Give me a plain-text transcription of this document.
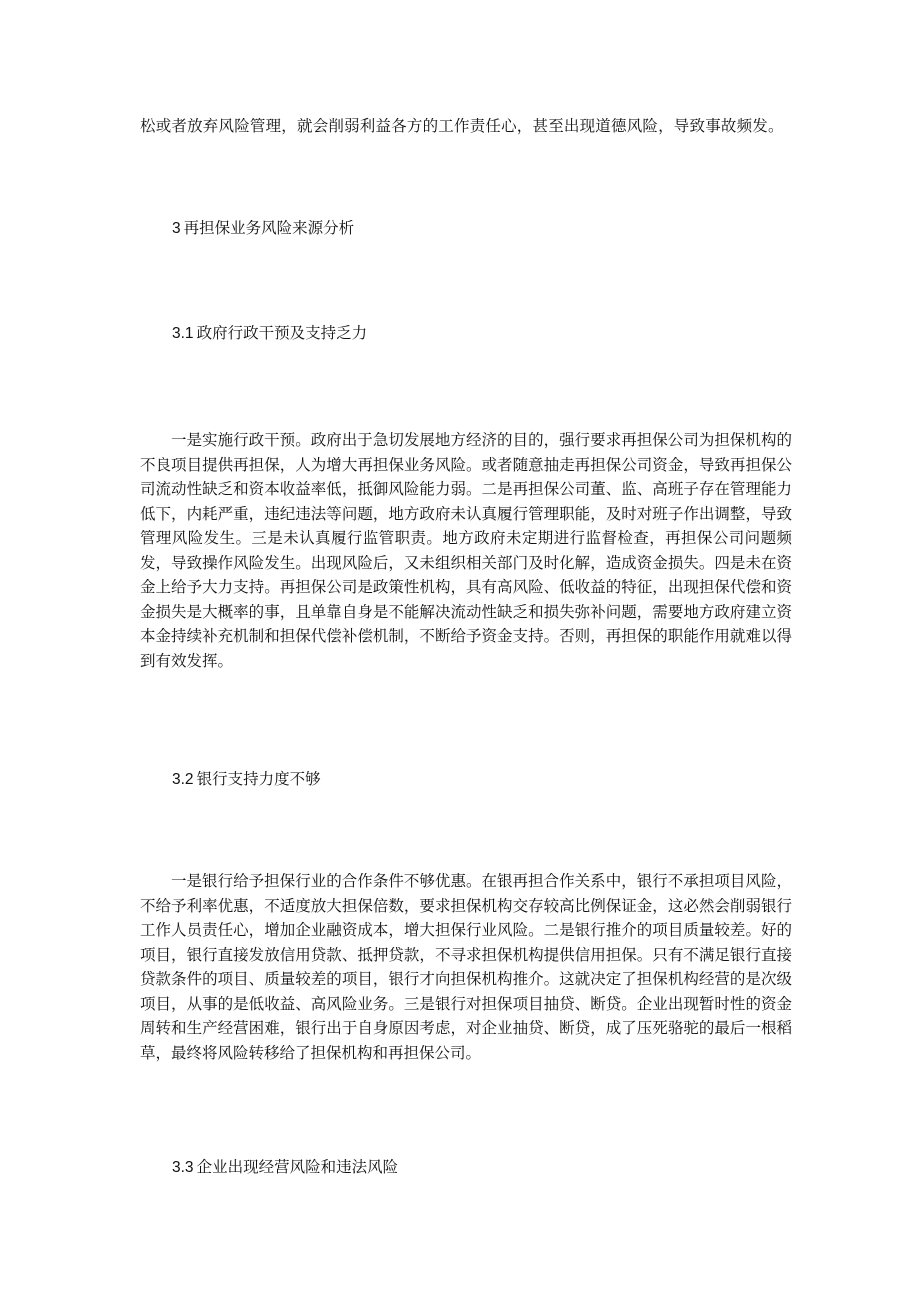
松或者放弃风险管理，就会削弱利益各方的工作责任心，甚至出现道德风险，导致事故频发。

3 再担保业务风险来源分析
3.1 政府行政干预及支持乏力

一是实施行政干预。政府出于急切发展地方经济的目的，强行要求再担保公司为担保机构的不良项目提供再担保，人为增大再担保业务风险。或者随意抽走再担保公司资金，导致再担保公司流动性缺乏和资本收益率低，抵御风险能力弱。二是再担保公司董、监、高班子存在管理能力低下，内耗严重，违纪违法等问题，地方政府未认真履行管理职能，及时对班子作出调整，导致管理风险发生。三是未认真履行监管职责。地方政府未定期进行监督检查，再担保公司问题频发，导致操作风险发生。出现风险后，又未组织相关部门及时化解，造成资金损失。四是未在资金上给予大力支持。再担保公司是政策性机构，具有高风险、低收益的特征，出现担保代偿和资金损失是大概率的事，且单靠自身是不能解决流动性缺乏和损失弥补问题，需要地方政府建立资本金持续补充机制和担保代偿补偿机制，不断给予资金支持。否则，再担保的职能作用就难以得到有效发挥。

3.2 银行支持力度不够

一是银行给予担保行业的合作条件不够优惠。在银再担合作关系中，银行不承担项目风险，不给予利率优惠，不适度放大担保倍数，要求担保机构交存较高比例保证金，这必然会削弱银行工作人员责任心，增加企业融资成本，增大担保行业风险。二是银行推介的项目质量较差。好的项目，银行直接发放信用贷款、抵押贷款，不寻求担保机构提供信用担保。只有不满足银行直接贷款条件的项目、质量较差的项目，银行才向担保机构推介。这就决定了担保机构经营的是次级项目，从事的是低收益、高风险业务。三是银行对担保项目抽贷、断贷。企业出现暂时性的资金周转和生产经营困难，银行出于自身原因考虑，对企业抽贷、断贷，成了压死骆驼的最后一根稻草，最终将风险转移给了担保机构和再担保公司。

3.3 企业出现经营风险和违法风险
